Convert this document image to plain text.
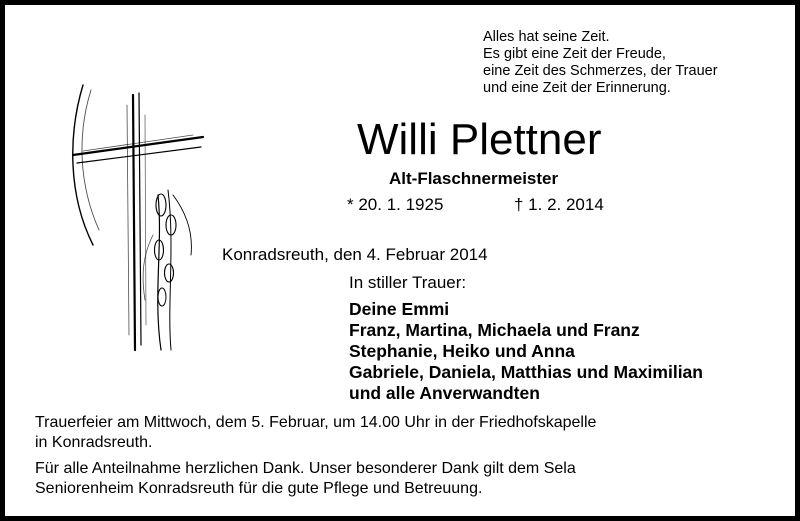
Alles hat seine Zeit.
Es gibt eine Zeit der Freude,
eine Zeit des Schmerzes, der Trauer
und eine Zeit der Erinnerung.
Willi Plettner
Alt-Flaschnermeister
* 20. 1. 1925	† 1. 2. 2014
Konradsreuth, den 4. Februar 2014
In stiller Trauer:
Deine Emmi
Franz, Martina, Michaela und Franz
Stephanie, Heiko und Anna
Gabriele, Daniela, Matthias und Maximilian
und alle Anverwandten
Trauerfeier am Mittwoch, dem 5. Februar, um 14.00 Uhr in der Friedhofskapelle
in Konradsreuth.
Für alle Anteilnahme herzlichen Dank. Unser besonderer Dank gilt dem Sela
Seniorenheim Konradsreuth für die gute Pflege und Betreuung.
